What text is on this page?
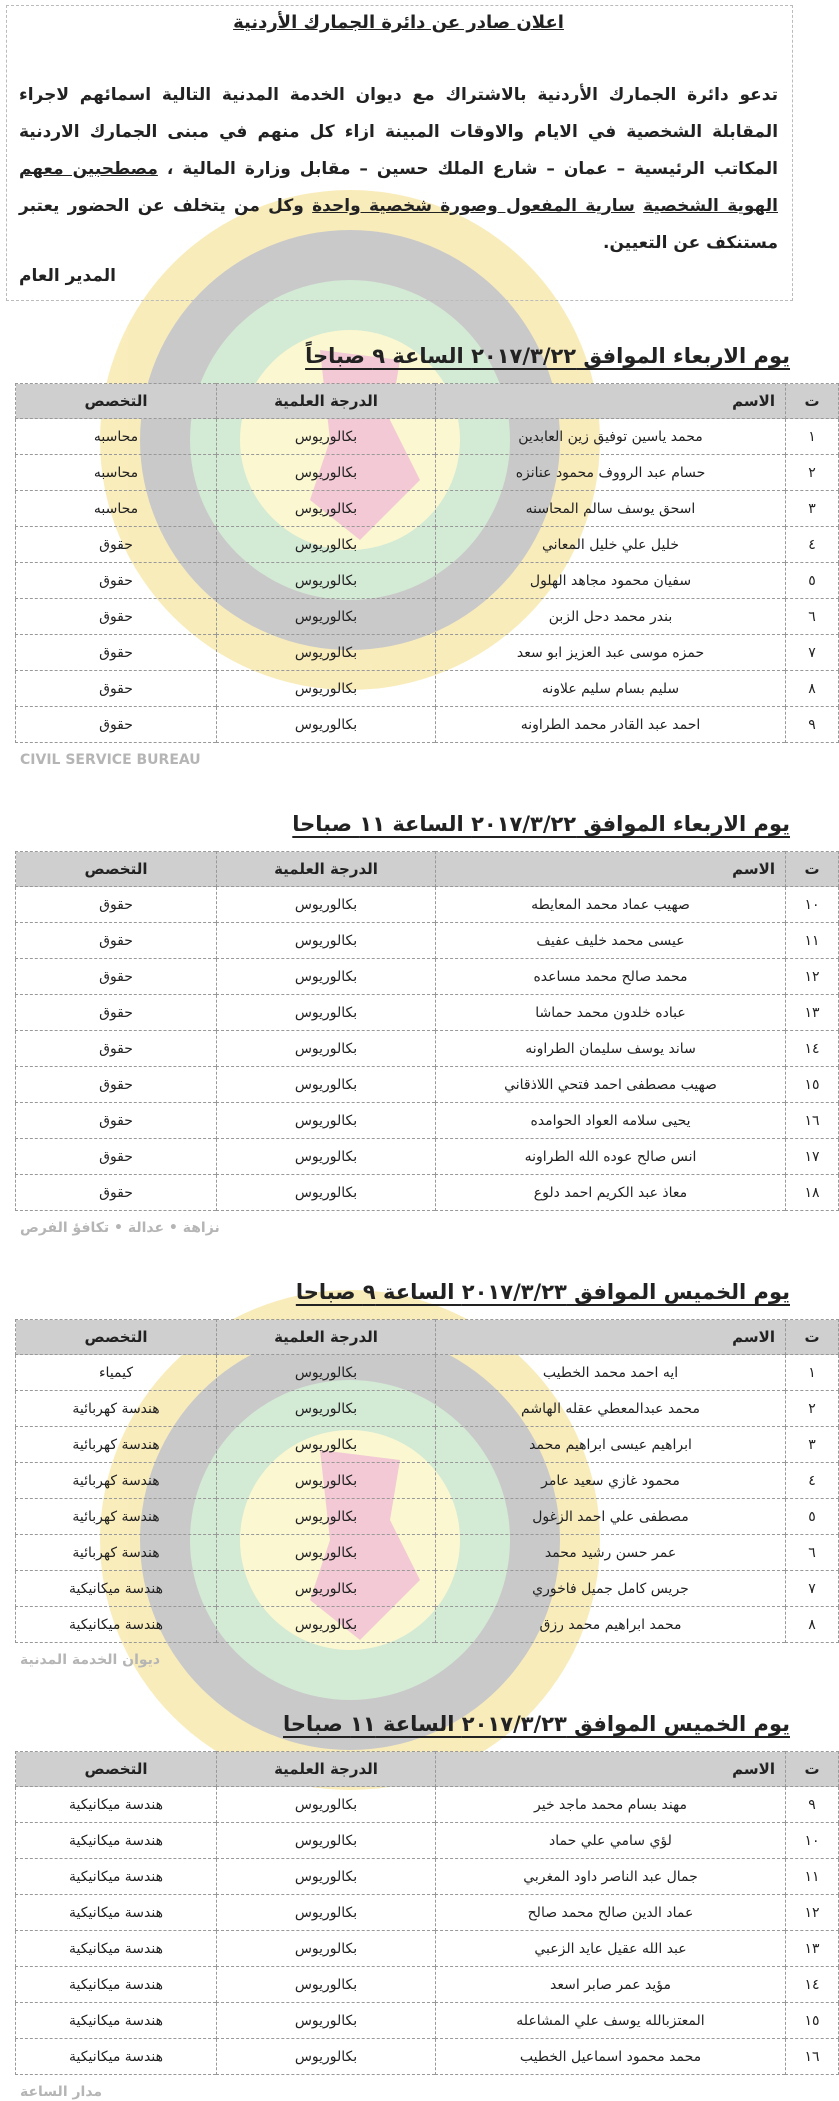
اعلان صادر عن دائرة الجمارك الأردنية
تدعو دائرة الجمارك الأردنية بالاشتراك مع ديوان الخدمة المدنية التالية اسمائهم لاجراء المقابلة الشخصية في الايام والاوقات المبينة ازاء كل منهم في مبنى الجمارك الاردنية المكاتب الرئيسية – عمان – شارع الملك حسين – مقابل وزارة المالية ، مصطحبين معهم الهوية الشخصية سارية المفعول وصورة شخصية واحدة وكل من يتخلف عن الحضور يعتبر مستنكف عن التعيين.
المدير العام
يوم الاربعاء الموافق ٢٠١٧/٣/٢٢ الساعة ٩ صباحاً
ت	الاسم	الدرجة العلمية	التخصص
١	محمد ياسين توفيق زين العابدين	بكالوريوس	محاسبه
٢	حسام عبد الرووف محمود عنانزه	بكالوريوس	محاسبه
٣	اسحق يوسف سالم المحاسنه	بكالوريوس	محاسبه
٤	خليل علي خليل المعاني	بكالوريوس	حقوق
٥	سفيان محمود مجاهد الهلول	بكالوريوس	حقوق
٦	بندر محمد دحل الزبن	بكالوريوس	حقوق
٧	حمزه موسى عبد العزيز ابو سعد	بكالوريوس	حقوق
٨	سليم بسام سليم علاونه	بكالوريوس	حقوق
٩	احمد عبد القادر محمد الطراونه	بكالوريوس	حقوق
CIVIL SERVICE BUREAU
يوم الاربعاء الموافق ٢٠١٧/٣/٢٢ الساعة ١١ صباحا
ت	الاسم	الدرجة العلمية	التخصص
١٠	صهيب عماد محمد المعايطه	بكالوريوس	حقوق
١١	عيسى محمد خليف عفيف	بكالوريوس	حقوق
١٢	محمد صالح محمد مساعده	بكالوريوس	حقوق
١٣	عباده خلدون محمد حماشا	بكالوريوس	حقوق
١٤	ساند يوسف سليمان الطراونه	بكالوريوس	حقوق
١٥	صهيب مصطفى احمد فتحي اللاذقاني	بكالوريوس	حقوق
١٦	يحيى سلامه العواد الحوامده	بكالوريوس	حقوق
١٧	انس صالح عوده الله الطراونه	بكالوريوس	حقوق
١٨	معاذ عبد الكريم احمد دلوع	بكالوريوس	حقوق
نزاهة • عدالة • تكافؤ الفرص
يوم الخميس الموافق ٢٠١٧/٣/٢٣ الساعة ٩ صباحا
ت	الاسم	الدرجة العلمية	التخصص
١	ايه احمد محمد الخطيب	بكالوريوس	كيمياء
٢	محمد عبدالمعطي عقله الهاشم	بكالوريوس	هندسة كهربائية
٣	ابراهيم عيسى ابراهيم محمد	بكالوريوس	هندسة كهربائية
٤	محمود غازي سعيد عامر	بكالوريوس	هندسة كهربائية
٥	مصطفى علي احمد الزغول	بكالوريوس	هندسة كهربائية
٦	عمر حسن رشيد محمد	بكالوريوس	هندسة كهربائية
٧	جريس كامل جميل فاخوري	بكالوريوس	هندسة ميكانيكية
٨	محمد ابراهيم محمد رزق	بكالوريوس	هندسة ميكانيكية
ديوان الخدمة المدنية
يوم الخميس الموافق ٢٠١٧/٣/٢٣ الساعة ١١ صباحا
ت	الاسم	الدرجة العلمية	التخصص
٩	مهند بسام محمد ماجد خير	بكالوريوس	هندسة ميكانيكية
١٠	لؤي سامي علي حماد	بكالوريوس	هندسة ميكانيكية
١١	جمال عبد الناصر داود المغربي	بكالوريوس	هندسة ميكانيكية
١٢	عماد الدين صالح محمد صالح	بكالوريوس	هندسة ميكانيكية
١٣	عبد الله عقيل عايد الزعبي	بكالوريوس	هندسة ميكانيكية
١٤	مؤيد عمر صابر اسعد	بكالوريوس	هندسة ميكانيكية
١٥	المعتزبالله يوسف علي المشاعله	بكالوريوس	هندسة ميكانيكية
١٦	محمد محمود اسماعيل الخطيب	بكالوريوس	هندسة ميكانيكية
مدار الساعة
